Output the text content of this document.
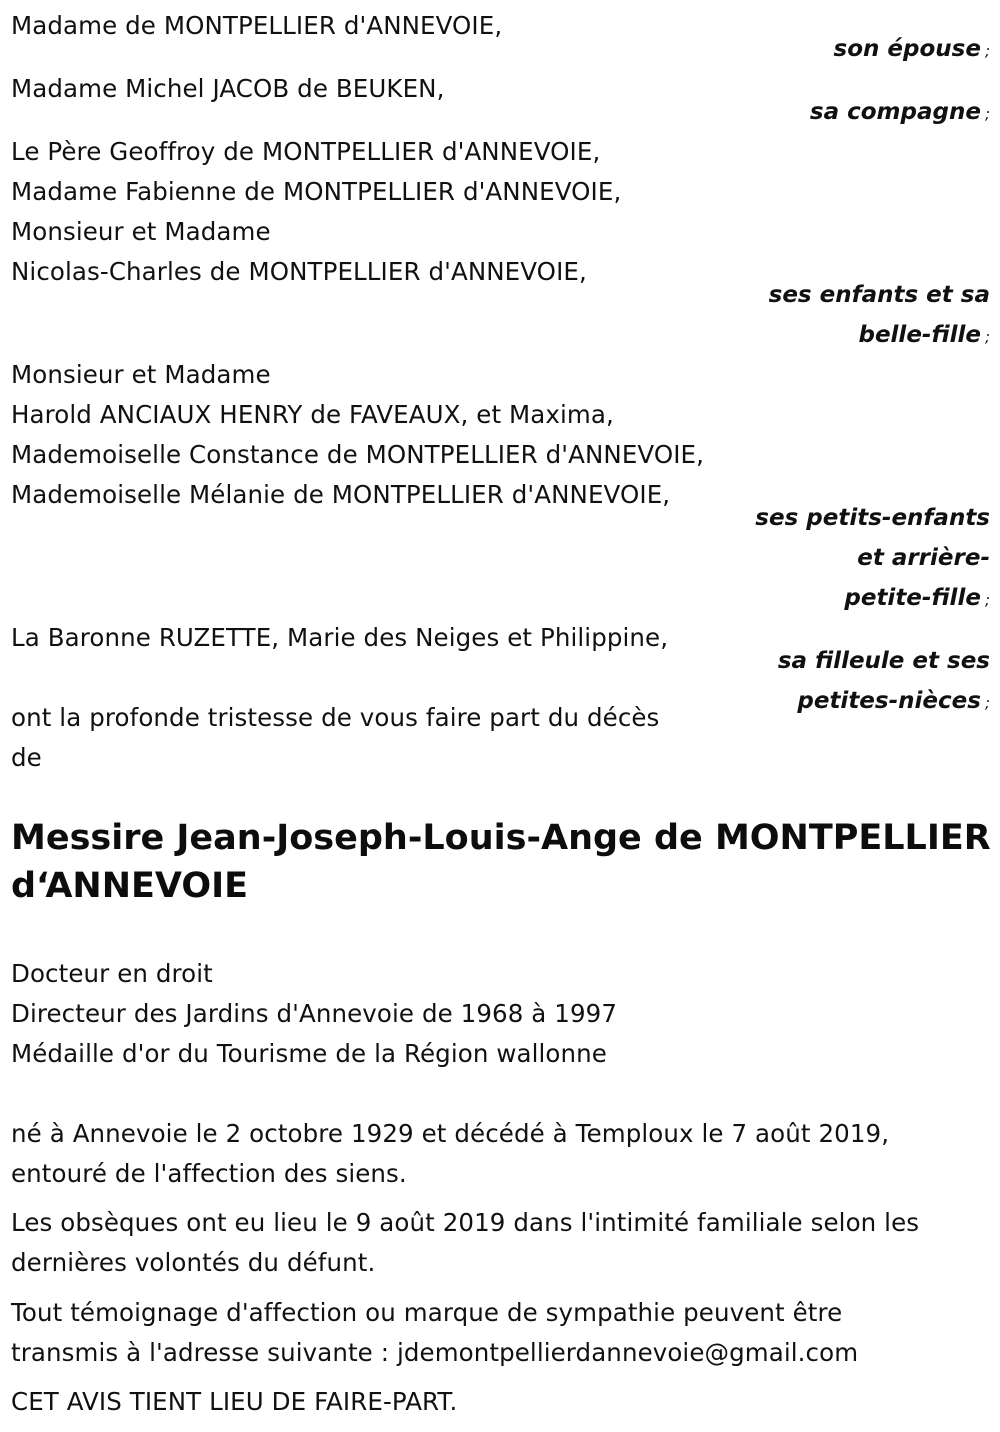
Madame de MONTPELLIER d'ANNEVOIE,

son épouse ;

Madame Michel JACOB de BEUKEN,

sa compagne ;

Le Père Geoffroy de MONTPELLIER d'ANNEVOIE,

Madame Fabienne de MONTPELLIER d'ANNEVOIE,

Monsieur et Madame

Nicolas-Charles de MONTPELLIER d'ANNEVOIE,

ses enfants et sa

belle-fille ;

Monsieur et Madame

Harold ANCIAUX HENRY de FAVEAUX, et Maxima,

Mademoiselle Constance de MONTPELLIER d'ANNEVOIE,

Mademoiselle Mélanie de MONTPELLIER d'ANNEVOIE,

ses petits-enfants

et arrière-

petite-fille ;

La Baronne RUZETTE, Marie des Neiges et Philippine,

sa filleule et ses

petites-nièces ;

ont la profonde tristesse de vous faire part du décès

de

Messire Jean-Joseph-Louis-Ange de MONTPELLIER
d‘ANNEVOIE

Docteur en droit

Directeur des Jardins d'Annevoie de 1968 à 1997

Médaille d'or du Tourisme de la Région wallonne

né à Annevoie le 2 octobre 1929 et décédé à Temploux le 7 août 2019,

entouré de l'affection des siens.

Les obsèques ont eu lieu le 9 août 2019 dans l'intimité familiale selon les

dernières volontés du défunt.

Tout témoignage d'affection ou marque de sympathie peuvent être

transmis à l'adresse suivante : jdemontpellierdannevoie@gmail.com

CET AVIS TIENT LIEU DE FAIRE-PART.
